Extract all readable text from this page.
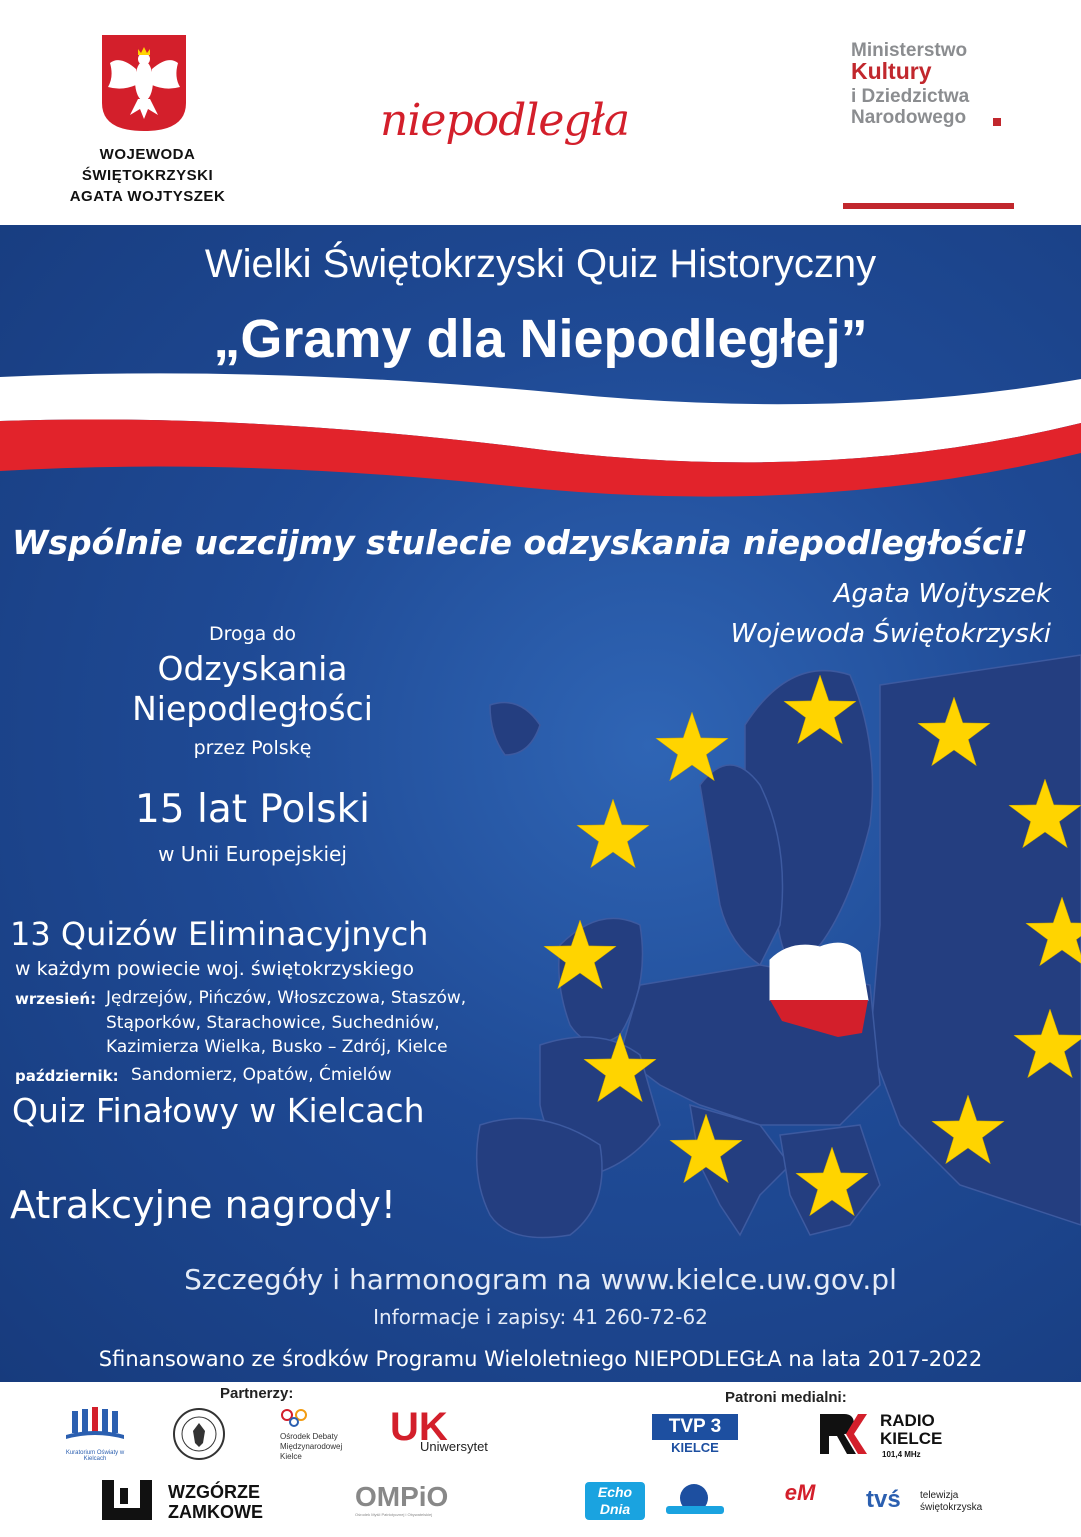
WOJEWODA
ŚWIĘTOKRZYSKI
AGATA WOJTYSZEK
niepodległa
Ministerstwo
Kultury
i Dziedzictwa
Narodowego
Wielki Świętokrzyski Quiz Historyczny
„Gramy dla Niepodległej”
Wspólnie uczcijmy stulecie odzyskania niepodległości!
Agata Wojtyszek
Wojewoda Świętokrzyski
Droga do
Odzyskania
Niepodległości
przez Polskę
15 lat Polski
w Unii Europejskiej
13 Quizów Eliminacyjnych
w każdym powiecie woj. świętokrzyskiego
wrzesień: Jędrzejów, Pińczów, Włoszczowa, Staszów,
Stąporków, Starachowice, Suchedniów,
Kazimierza Wielka, Busko – Zdrój, Kielce
październik: Sandomierz, Opatów, Ćmielów
Quiz Finałowy w Kielcach
Atrakcyjne nagrody!
Szczegóły i harmonogram na www.kielce.uw.gov.pl
Informacje i zapisy: 41 260-72-62
Sfinansowano ze środków Programu Wieloletniego NIEPODLEGŁA na lata 2017-2022
Partnerzy:	Patroni medialni:
Kuratorium Oświaty w Kielcach
Ośrodek Debaty Międzynarodowej Kielce
UK
Uniwersytet
WZGÓRZE ZAMKOWE	OMPiO
Ośrodek Myśli Patriotycznej i Obywatelskiej
TVP 3
KIELCE
RADIO KIELCE
101,4 MHz
Echo Dnia
eM	tvś telewizja świętokrzyska
